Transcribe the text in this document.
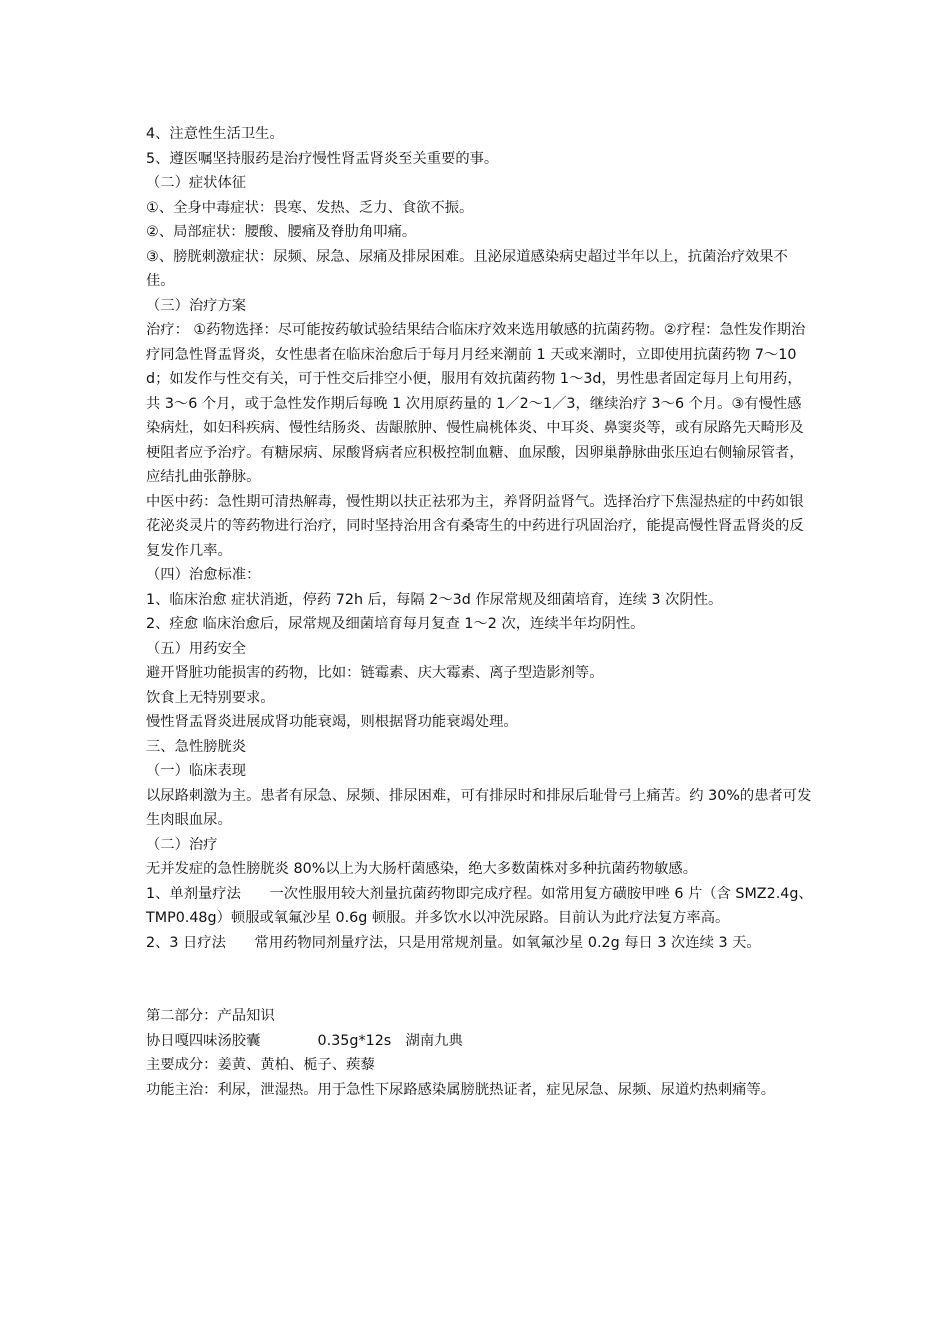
4、注意性生活卫生。

5、遵医嘱坚持服药是治疗慢性肾盂肾炎至关重要的事。

（二）症状体征

①、全身中毒症状：畏寒、发热、乏力、食欲不振。

②、局部症状：腰酸、腰痛及脊肋角叩痛。

③、膀胱刺激症状：尿频、尿急、尿痛及排尿困难。且泌尿道感染病史超过半年以上，抗菌治疗效果不佳。

（三）治疗方案

治疗： ①药物选择：尽可能按药敏试验结果结合临床疗效来选用敏感的抗菌药物。②疗程：急性发作期治疗同急性肾盂肾炎，女性患者在临床治愈后于每月月经来潮前 1 天或来潮时，立即使用抗菌药物 7～10d；如发作与性交有关，可于性交后排空小便，服用有效抗菌药物 1～3d，男性患者固定每月上旬用药，共 3～6 个月，或于急性发作期后每晚 1 次用原药量的 1／2～1／3，继续治疗 3～6 个月。③有慢性感染病灶，如妇科疾病、慢性结肠炎、齿龈脓肿、慢性扁桃体炎、中耳炎、鼻窦炎等，或有尿路先天畸形及梗阻者应予治疗。有糖尿病、尿酸肾病者应积极控制血糖、血尿酸，因卵巢静脉曲张压迫右侧输尿管者，应结扎曲张静脉。

中医中药：急性期可清热解毒，慢性期以扶正祛邪为主，养肾阴益肾气。选择治疗下焦湿热症的中药如银花泌炎灵片的等药物进行治疗，同时坚持治用含有桑寄生的中药进行巩固治疗，能提高慢性肾盂肾炎的反复发作几率。

（四）治愈标准：

1、临床治愈 症状消逝，停药 72h 后，每隔 2～3d 作尿常规及细菌培育，连续 3 次阴性。

2、痊愈 临床治愈后，尿常规及细菌培育每月复查 1～2 次，连续半年均阴性。

（五）用药安全

避开肾脏功能损害的药物，比如：链霉素、庆大霉素、离子型造影剂等。

饮食上无特别要求。

慢性肾盂肾炎进展成肾功能衰竭，则根据肾功能衰竭处理。

三、急性膀胱炎

（一）临床表现

以尿路刺激为主。患者有尿急、尿频、排尿困难，可有排尿时和排尿后耻骨弓上痛苦。约 30%的患者可发生肉眼血尿。

（二）治疗

无并发症的急性膀胱炎 80%以上为大肠杆菌感染，绝大多数菌株对多种抗菌药物敏感。

1、单剂量疗法　　一次性服用较大剂量抗菌药物即完成疗程。如常用复方磺胺甲唑 6 片（含 SMZ2.4g、TMP0.48g）顿服或氧氟沙星 0.6g 顿服。并多饮水以冲洗尿路。目前认为此疗法复方率高。

2、3 日疗法　　常用药物同剂量疗法，只是用常规剂量。如氧氟沙星 0.2g 每日 3 次连续 3 天。

第二部分：产品知识

协日嘎四味汤胶囊　　　　0.35g*12s　湖南九典

主要成分：姜黄、黄柏、栀子、蒺藜

功能主治：利尿，泄湿热。用于急性下尿路感染属膀胱热证者，症见尿急、尿频、尿道灼热刺痛等。
